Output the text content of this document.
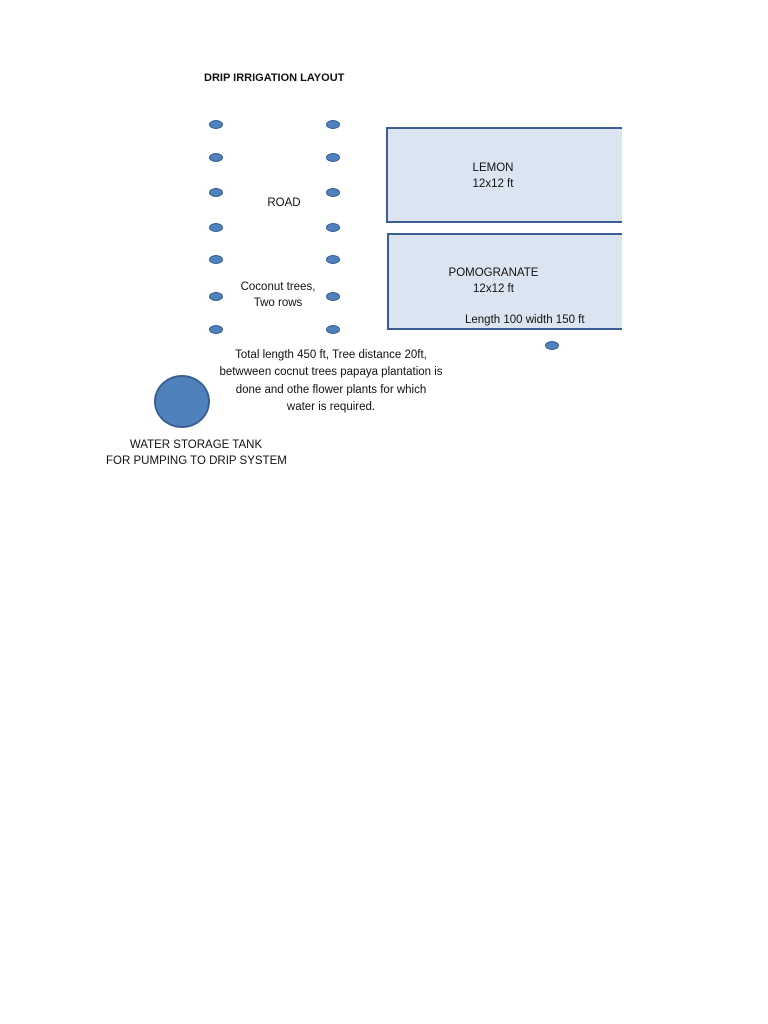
DRIP IRRIGATION LAYOUT
ROAD
Coconut trees,
Two rows
LEMON
12x12 ft
POMOGRANATE
12x12 ft
Length 100 width 150 ft
Total length 450 ft, Tree distance 20ft,
betwween cocnut trees papaya plantation is
done and othe flower plants for which
water is required.
WATER STORAGE TANK
FOR PUMPING TO DRIP SYSTEM
